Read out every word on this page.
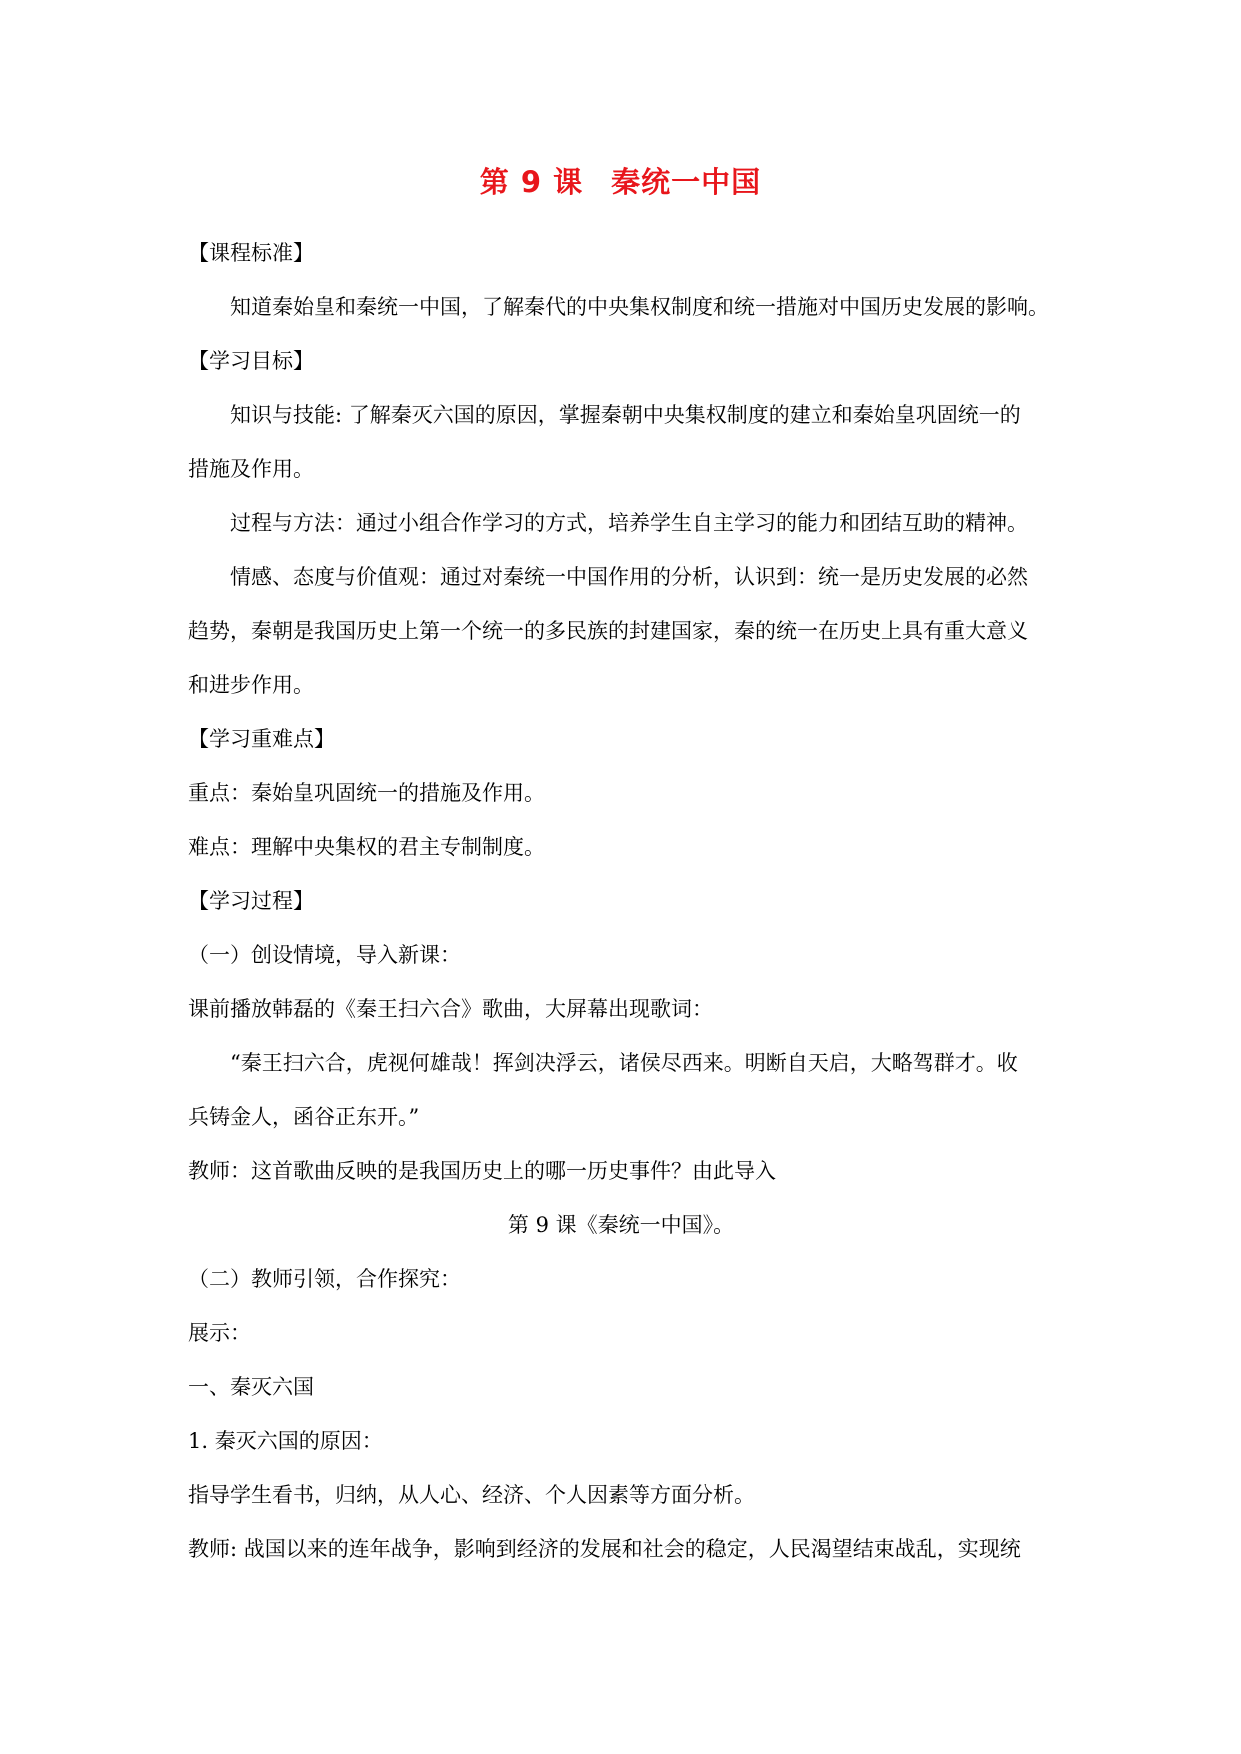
第 9 课 秦统一中国
【课程标准】
知道秦始皇和秦统一中国，了解秦代的中央集权制度和统一措施对中国历史发展的影响。
【学习目标】
知识与技能: 了解秦灭六国的原因，掌握秦朝中央集权制度的建立和秦始皇巩固统一的
措施及作用。
过程与方法：通过小组合作学习的方式，培养学生自主学习的能力和团结互助的精神。
情感、态度与价值观：通过对秦统一中国作用的分析，认识到：统一是历史发展的必然
趋势，秦朝是我国历史上第一个统一的多民族的封建国家，秦的统一在历史上具有重大意义
和进步作用。
【学习重难点】
重点：秦始皇巩固统一的措施及作用。
难点：理解中央集权的君主专制制度。
【学习过程】
（一）创设情境，导入新课：
课前播放韩磊的《秦王扫六合》歌曲，大屏幕出现歌词：
“秦王扫六合，虎视何雄哉！挥剑决浮云，诸侯尽西来。明断自天启，大略驾群才。收
兵铸金人，函谷正东开。”
教师：这首歌曲反映的是我国历史上的哪一历史事件？由此导入
第 9 课《秦统一中国》。
（二）教师引领，合作探究：
展示：
一、秦灭六国
1. 秦灭六国的原因：
指导学生看书，归纳，从人心、经济、个人因素等方面分析。
教师: 战国以来的连年战争，影响到经济的发展和社会的稳定，人民渴望结束战乱，实现统
